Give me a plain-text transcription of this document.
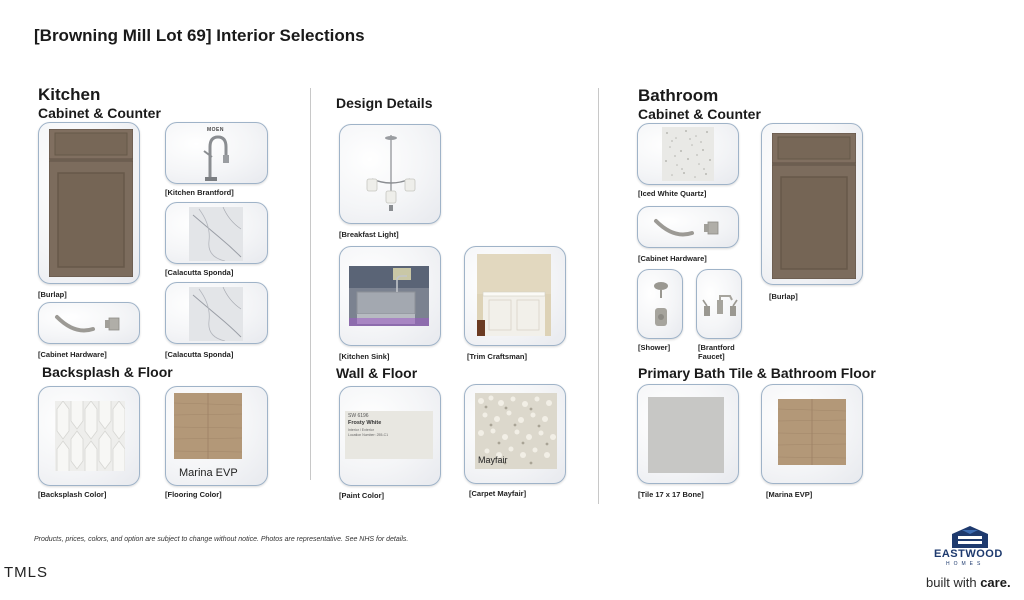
[Browning Mill Lot 69] Interior Selections
Kitchen
Cabinet & Counter
[Burlap]
MOEN
[Kitchen Brantford]
[Calacutta Sponda]
[Cabinet Hardware]	[Calacutta Sponda]
Backsplash & Floor
[Backsplash Color]
Marina EVP
[Flooring Color]
Design Details
[Breakfast Light]
[Kitchen Sink]	[Trim Craftsman]
Wall & Floor
SW 6196
Frosty White
Interior / Exterior
Location Number: 255-C1
[Paint Color]
Mayfair
[Carpet Mayfair]
Bathroom
Cabinet & Counter
[Iced White Quartz]
[Cabinet Hardware]
[Shower]	[Brantford Faucet]
[Burlap]
Primary Bath Tile & Bathroom Floor
[Tile 17 x 17 Bone]	[Marina EVP]
Products, prices, colors, and option are subject to change without notice. Photos are representative. See NHS for details.
TMLS
EASTWOOD
HOMES
built with care.
